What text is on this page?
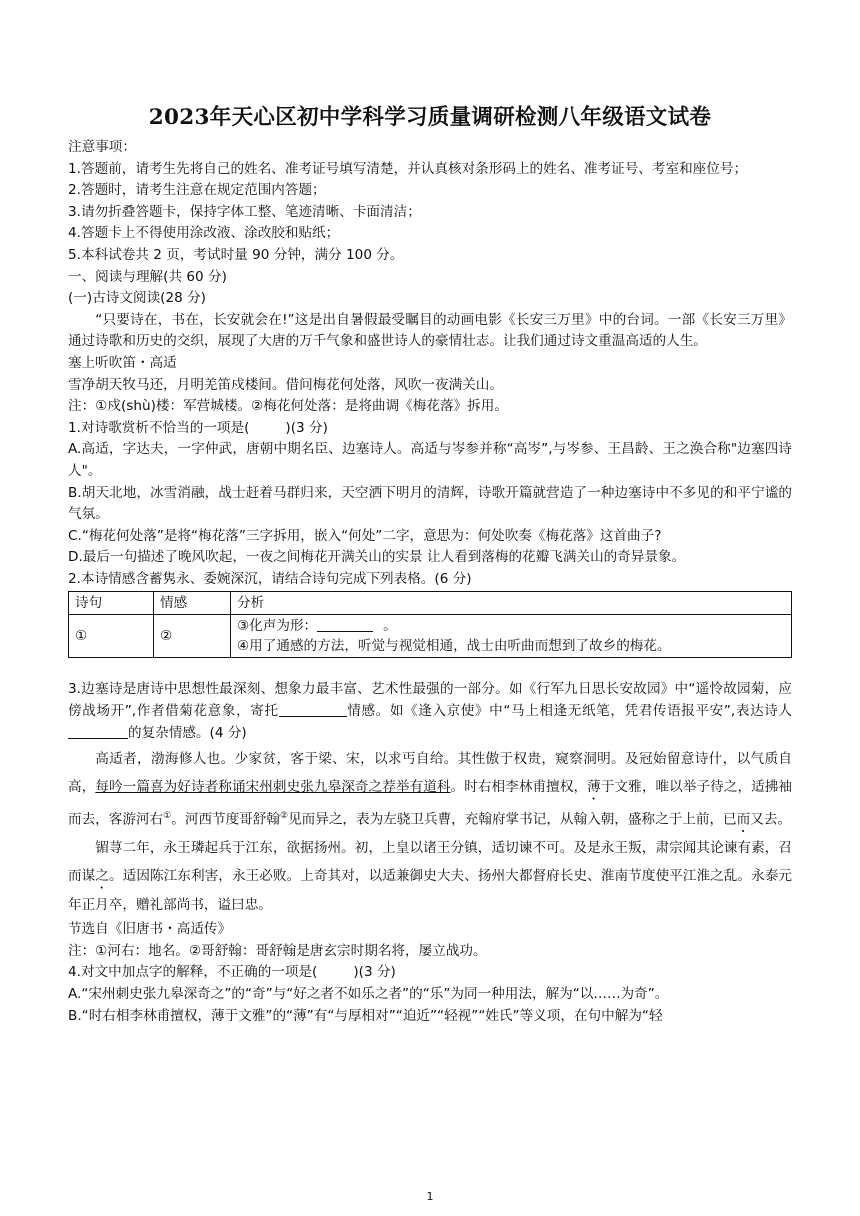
2023年天心区初中学科学习质量调研检测八年级语文试卷

注意事项：

1.答题前，请考生先将自己的姓名、准考证号填写清楚，并认真核对条形码上的姓名、准考证号、考室和座位号；

2.答题时，请考生注意在规定范围内答题；

3.请勿折叠答题卡，保持字体工整、笔迹清晰、卡面清洁；

4.答题卡上不得使用涂改液、涂改胶和贴纸；

5.本科试卷共 2 页，考试时量 90 分钟，满分 100 分。

一、阅读与理解(共 60 分)

(一)古诗文阅读(28 分)

“只要诗在，书在，长安就会在!”这是出自暑假最受瞩目的动画电影《长安三万里》中的台词。一部《长安三万里》通过诗歌和历史的交织，展现了大唐的万千气象和盛世诗人的豪情壮志。让我们通过诗文重温高适的人生。

塞上听吹笛・高适

雪净胡天牧马还，月明羌笛戍楼间。借问梅花何处落，风吹一夜满关山。

注：①戍(shù)楼：军营城楼。②梅花何处落：是将曲调《梅花落》拆用。

1.对诗歌赏析不恰当的一项是(	)(3 分)

A.高适，字达夫，一字仲武，唐朝中期名臣、边塞诗人。高适与岑参并称“高岑”,与岑参、王昌龄、王之涣合称"边塞四诗人"。

B.胡天北地，冰雪消融，战士赶着马群归来，天空洒下明月的清辉，诗歌开篇就营造了一种边塞诗中不多见的和平宁谧的气氛。

C.“梅花何处落”是将“梅花落”三字拆用，嵌入“何处”二字，意思为：何处吹奏《梅花落》这首曲子?

D.最后一句描述了晚风吹起，一夜之间梅花开满关山的实景 让人看到落梅的花瓣飞满关山的奇异景象。

2.本诗情感含蓄隽永、委婉深沉，请结合诗句完成下列表格。(6 分)

诗句	情感	分析
①	②	③化声为形： 。
④用了通感的方法，听觉与视觉相通，战士由听曲而想到了故乡的梅花。

3.边塞诗是唐诗中思想性最深刻、想象力最丰富、艺术性最强的一部分。如《行军九日思长安故园》中“遥怜故园菊，应傍战场开”,作者借菊花意象，寄托	情感。如《逢入京使》中“马上相逢无纸笔，凭君传语报平安”,表达诗人的复杂情感。(4 分)

高适者，渤海修人也。少家贫，客于梁、宋，以求丐自给。其性傲于权贵，窥察洞明。及冠始留意诗什，以气质自高，每吟一篇喜为好诗者称诵宋州刺史张九皋深奇之荐举有道科。时右相李林甫擅权，薄于文雅，唯以举子待之，适拂袖而去，客游河右①。河西节度哥舒翰②见而异之，表为左骁卫兵曹，充翰府掌书记，从翰入朝，盛称之于上前，已而又去。

镅荨二年，永王璘起兵于江东，欲据扬州。初，上皇以诸王分镇，适切谏不可。及是永王叛，肃宗闻其论谏有素，召而谋之。适因陈江东利害，永王必败。上奇其对，以适兼御史大夫、扬州大都督府长史、淮南节度使平江淮之乱。永泰元年正月卒，赠礼部尚书，谥曰忠。

节选自《旧唐书・高适传》

注：①河右：地名。②哥舒翰：哥舒翰是唐玄宗时期名将，屡立战功。

4.对文中加点字的解释，不正确的一项是(	)(3 分)

A.“宋州刺史张九皋深奇之”的“奇”与“好之者不如乐之者”的“乐”为同一种用法，解为“以……为奇”。

B.“时右相李林甫擅权，薄于文雅”的“薄”有“与厚相对”“迫近”“轻视”“姓氏”等义项，在句中解为“轻

1
